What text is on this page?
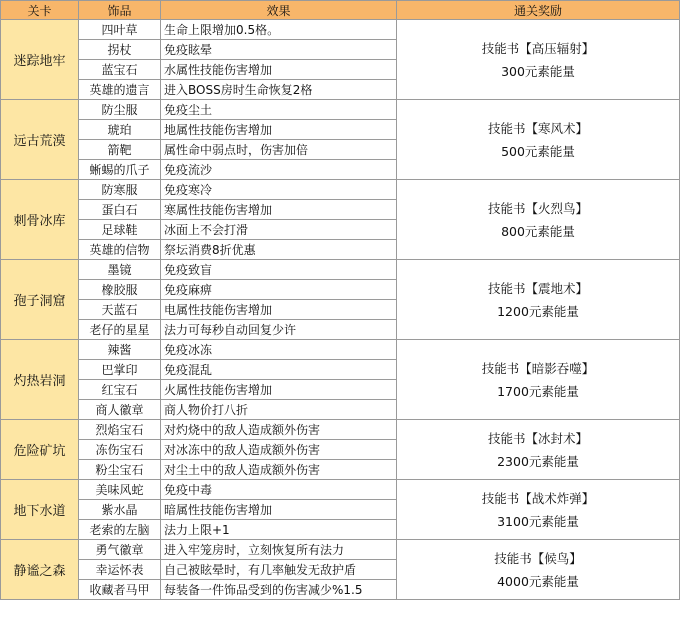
关卡	饰品	效果	通关奖励
迷踪地牢	四叶草	生命上限增加0.5格。	技能书【高压辐射】
300元素能量

	拐杖	免疫眩晕	
	蓝宝石	水属性技能伤害增加	
	英雄的遗言	进入BOSS房时生命恢复2格	
远古荒漠	防尘服	免疫尘土	技能书【寒风术】
500元素能量

	琥珀	地属性技能伤害增加	
	箭靶	属性命中弱点时，伤害加倍	
	蜥蜴的爪子	免疫流沙	
刺骨冰库	防寒服	免疫寒冷	技能书【火烈鸟】
800元素能量

	蛋白石	寒属性技能伤害增加	
	足球鞋	冰面上不会打滑	
	英雄的信物	祭坛消费8折优惠	
孢子洞窟	墨镜	免疫致盲	技能书【震地术】
1200元素能量

	橡胶服	免疫麻痹	
	天蓝石	电属性技能伤害增加	
	老仔的星星	法力可每秒自动回复少许	
灼热岩洞	辣酱	免疫冰冻	技能书【暗影吞噬】
1700元素能量

	巴掌印	免疫混乱	
	红宝石	火属性技能伤害增加	
	商人徽章	商人物价打八折	
危险矿坑	烈焰宝石	对灼烧中的敌人造成额外伤害	技能书【冰封术】
2300元素能量

	冻伤宝石	对冰冻中的敌人造成额外伤害	
	粉尘宝石	对尘土中的敌人造成额外伤害	
地下水道	美味风蛇	免疫中毒	技能书【战术炸弹】
3100元素能量

	紫水晶	暗属性技能伤害增加	
	老索的左脑	法力上限+1	
静谧之森	勇气徽章	进入牢笼房时，立刻恢复所有法力	技能书【候鸟】
4000元素能量

	幸运怀表	自己被眩晕时，有几率触发无敌护盾	
	收藏者马甲	每装备一件饰品受到的伤害减少%1.5	
